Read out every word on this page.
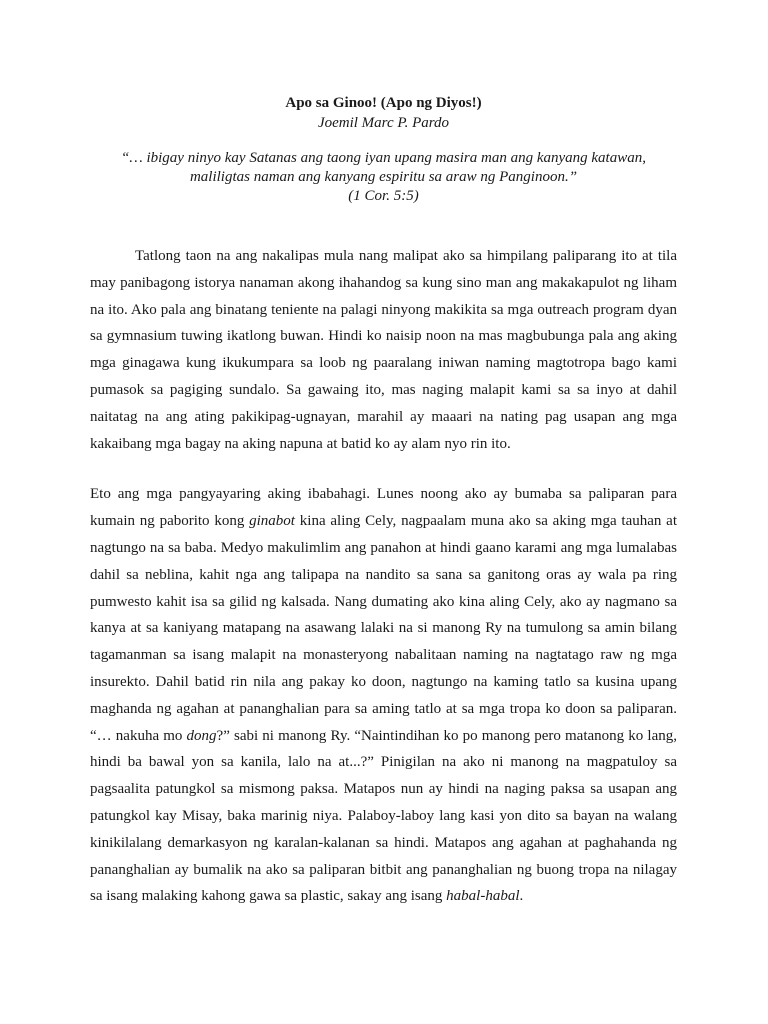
Apo sa Ginoo! (Apo ng Diyos!)
Joemil Marc P. Pardo
“… ibigay ninyo kay Satanas ang taong iyan upang masira man ang kanyang katawan, maliligtas naman ang kanyang espiritu sa araw ng Panginoon.”
(1 Cor. 5:5)

Tatlong taon na ang nakalipas mula nang malipat ako sa himpilang paliparang ito at tila may panibagong istorya nanaman akong ihahandog sa kung sino man ang makakapulot ng liham na ito. Ako pala ang binatang teniente na palagi ninyong makikita sa mga outreach program dyan sa gymnasium tuwing ikatlong buwan. Hindi ko naisip noon na mas magbubunga pala ang aking mga ginagawa kung ikukumpara sa loob ng paaralang iniwan naming magtotropa bago kami pumasok sa pagiging sundalo. Sa gawaing ito, mas naging malapit kami sa sa inyo at dahil naitatag na ang ating pakikipag-ugnayan, marahil ay maaari na nating pag usapan ang mga kakaibang mga bagay na aking napuna at batid ko ay alam nyo rin ito.

Eto ang mga pangyayaring aking ibabahagi. Lunes noong ako ay bumaba sa paliparan para kumain ng paborito kong ginabot kina aling Cely, nagpaalam muna ako sa aking mga tauhan at nagtungo na sa baba. Medyo makulimlim ang panahon at hindi gaano karami ang mga lumalabas dahil sa neblina, kahit nga ang talipapa na nandito sa sana sa ganitong oras ay wala pa ring pumwesto kahit isa sa gilid ng kalsada. Nang dumating ako kina aling Cely, ako ay nagmano sa kanya at sa kaniyang matapang na asawang lalaki na si manong Ry na tumulong sa amin bilang tagamanman sa isang malapit na monasteryong nabalitaan naming na nagtatago raw ng mga insurekto. Dahil batid rin nila ang pakay ko doon, nagtungo na kaming tatlo sa kusina upang maghanda ng agahan at pananghalian para sa aming tatlo at sa mga tropa ko doon sa paliparan. “… nakuha mo dong?” sabi ni manong Ry. “Naintindihan ko po manong pero matanong ko lang, hindi ba bawal yon sa kanila, lalo na at...?” Pinigilan na ako ni manong na magpatuloy sa pagsaalita patungkol sa mismong paksa. Matapos nun ay hindi na naging paksa sa usapan ang patungkol kay Misay, baka marinig niya. Palaboy-laboy lang kasi yon dito sa bayan na walang kinikilalang demarkasyon ng karalan-kalanan sa hindi. Matapos ang agahan at paghahanda ng pananghalian ay bumalik na ako sa paliparan bitbit ang pananghalian ng buong tropa na nilagay sa isang malaking kahong gawa sa plastic, sakay ang isang habal-habal.
